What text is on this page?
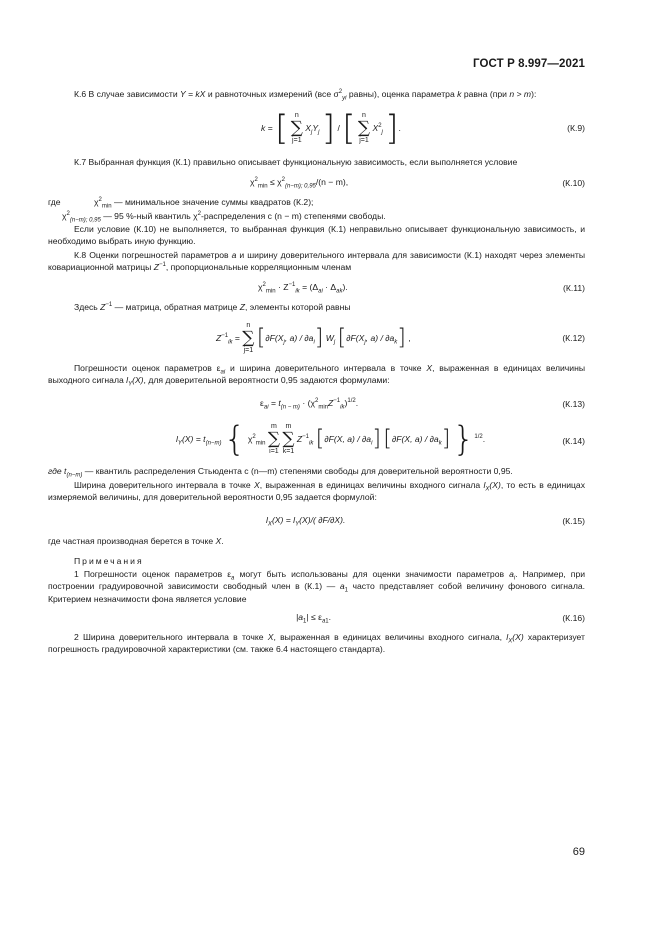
ГОСТ Р 8.997—2021

К.6 В случае зависимости Y = kX и равноточных измерений (все $\sigma^2_{yi}$ равны), оценка параметра k равна (при n > m):

k = [ n
∑
j=1 $X_jY_j$ ] / [ n
∑
j=1 $X^2_j$ ].	(К.9)

К.7 Выбранная функция (К.1) правильно описывает функциональную зависимость, если выполняется условие

$\chi^2_{min} \le \chi^2_{(n-m); 0,95}/(n - m)$,	(К.10)
где	$\chi^2_{min}$ — минимальное значение суммы квадратов (К.2);
$\chi^2_{(n-m); 0,95}$ — 95 %-ный квантиль $\chi^2$-распределения с (n − m) степенями свободы.

Если условие (К.10) не выполняется, то выбранная функция (К.1) неправильно описывает функциональную зависимость, и необходимо выбрать иную функцию.

К.8 Оценки погрешностей параметров a и ширину доверительного интервала для зависимости (К.1) находят через элементы ковариационной матрицы $Z^{-1}$, пропорциональные корреляционным членам

$\chi^2_{min} \cdot Z^{-1}_{ik} = (\Delta_{ai} \cdot \Delta_{ak})$.	(К.11)

Здесь $Z^{-1}$ — матрица, обратная матрице Z, элементы которой равны

$Z^{-1}_{ik} = n$
∑
j=1 [$\partial F(X_j$, $a) / \partial a_i$] $W_j$ [$\partial F(X_j$, $a) / \partial a_k$] ,	(К.12)

Погрешности оценок параметров $\varepsilon_{ai}$ и ширина доверительного интервала в точке X, выраженная в единицах величины выходного сигнала $l_Y(X)$, для доверительной вероятности 0,95 задаются формулами:

$\varepsilon_{ai} = t_{(n - m)} \cdot (\chi^2_{min}Z^{-1}_{ik})^{1/2}$.	(К.13)
$l_Y(X) = t_{(n-m)}$ { $\chi^2_{min}$ m
∑
i=1 m
∑
k=1 $Z^{-1}_{ik}$ [∂F(X, $a) / \partial a_i$] [∂F(X, $a) / \partial a_k$] }$^{1/2}$.	(К.14)

где $t_{(n-m)}$ — квантиль распределения Стьюдента с (n—m) степенями свободы для доверительной вероятности 0,95.

Ширина доверительного интервала в точке X, выраженная в единицах величины входного сигнала $l_X(X)$, то есть в единицах измеряемой величины, для доверительной вероятности 0,95 задается формулой:

$l_X(X) = l_Y(X)/$( ∂F/∂X).	(К.15)

где частная производная берется в точке X.

Примечания

1 Погрешности оценок параметров $\varepsilon_a$ могут быть использованы для оценки значимости параметров $a_i$. Например, при построении градуировочной зависимости свободный член в (К.1) — $a_1$ часто представляет собой величину фонового сигнала. Критерием незначимости фона является условие

$|a_1| \le \varepsilon_{a1}$.	(К.16)

2 Ширина доверительного интервала в точке X, выраженная в единицах величины входного сигнала, $l_X(X)$ характеризует погрешность градуировочной характеристики (см. также 6.4 настоящего стандарта).

69
